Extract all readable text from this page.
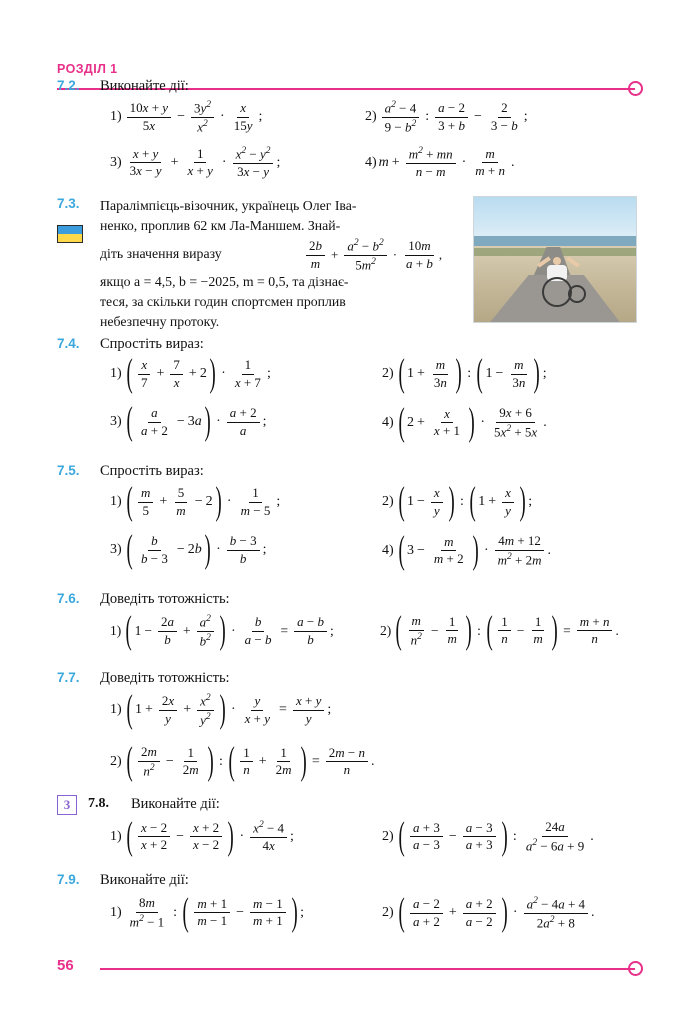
РОЗДІЛ 1
7.2.	Виконайте дії:
$1) \frac{10x + y}{5x} - \frac{3y^2}{x^2} \cdot \frac{x}{15y}$ ;	$2) \frac{a^2 - 4}{9 - b^2}$ : $\frac{a - 2}{3 + b} - \frac{2}{3 - b}$ ;
$3) \frac{x + y}{3x - y} + \frac{1}{x + y} \cdot \frac{x^2 - y^2}{3x - y}$ ;	4) $m + \frac{m^2 + mn}{n - m} \cdot \frac{m}{m + n}$ .
7.3.	Паралімпієць-візочник, українець Олег Іва-
ненко, проплив 62 км Ла-Маншем. Знай-
діть значення виразу	$\frac{2b}{m} + \frac{a^2 - b^2}{5m^2} \cdot \frac{10m}{a + b}$ ,
якщо a = 4,5, b = −2025, m = 0,5, та дізнає-
теся, за скільки годин спортсмен проплив
небезпечну протоку.
7.4.	Спростіть вираз:
1) ( $\frac{x}{7} + \frac{7}{x} + 2$ ) · $\frac{1}{x + 7}$ ;	2) ( $1 + \frac{m}{3n}$ ) : ( $1 - \frac{m}{3n}$ ) ;
3) ( $\frac{a}{a + 2} - 3a$ ) · $\frac{a + 2}{a}$ ;	4) ( $2 + \frac{x}{x + 1}$ ) · $\frac{9x + 6}{5x^2 + 5x}$ .
7.5.	Спростіть вираз:
1) ( $\frac{m}{5} + \frac{5}{m} - 2$ ) · $\frac{1}{m - 5}$ ;	2) ( $1 - \frac{x}{y}$ ) : ( $1 + \frac{x}{y}$ ) ;
3) ( $\frac{b}{b - 3} - 2b$ ) · $\frac{b - 3}{b}$ ;	4) ( $3 - \frac{m}{m + 2}$ ) · $\frac{4m + 12}{m^2 + 2m}$ .
7.6.	Доведіть тотожність:
1) ( $1 - \frac{2a}{b} + \frac{a^2}{b^2}$ ) · $\frac{b}{a - b} = \frac{a - b}{b}$ ;	2) ( $\frac{m}{n^2} - \frac{1}{m}$ ) : ( $\frac{1}{n} - \frac{1}{m}$ ) = $\frac{m + n}{n}$ .
7.7.	Доведіть тотожність:
1) ( $1 + \frac{2x}{y} + \frac{x^2}{y^2}$ ) · $\frac{y}{x + y} = \frac{x + y}{y}$ ;
2) ( $\frac{2m}{n^2} - \frac{1}{2m}$ ) : ( $\frac{1}{n} + \frac{1}{2m}$ ) = $\frac{2m - n}{n}$ .
3	7.8.	Виконайте дії:
1) ( $\frac{x - 2}{x + 2} - \frac{x + 2}{x - 2}$ ) · $\frac{x^2 - 4}{4x}$ ;	2) ( $\frac{a + 3}{a - 3} - \frac{a - 3}{a + 3}$ ) : $\frac{24a}{a^2 - 6a + 9}$ .
7.9.	Виконайте дії:
$1) \frac{8m}{m^2 - 1}$ : ( $\frac{m + 1}{m - 1} - \frac{m - 1}{m + 1}$ ) ;	2) ( $\frac{a - 2}{a + 2} + \frac{a + 2}{a - 2}$ ) · $\frac{a^2 - 4a + 4}{2a^2 + 8}$ .
56
